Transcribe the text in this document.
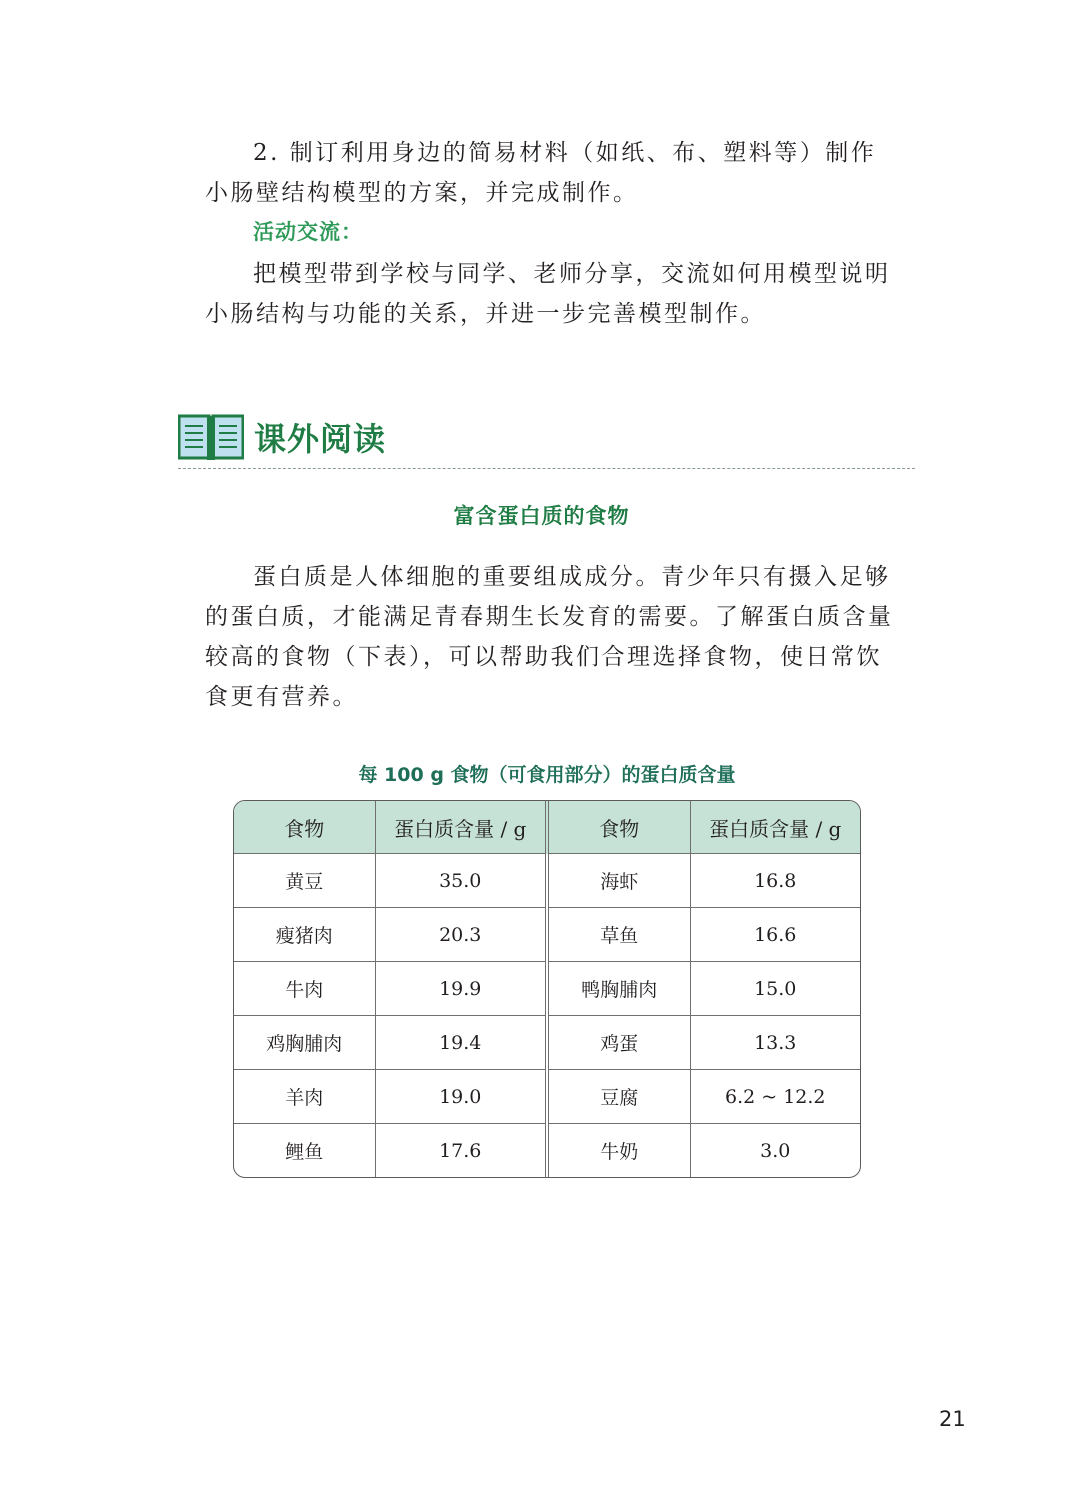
2. 制订利用身边的简易材料（如纸、布、塑料等）制作小肠壁结构模型的方案，并完成制作。

活动交流：

把模型带到学校与同学、老师分享，交流如何用模型说明小肠结构与功能的关系，并进一步完善模型制作。

课外阅读
富含蛋白质的食物

蛋白质是人体细胞的重要组成成分。青少年只有摄入足够的蛋白质，才能满足青春期生长发育的需要。了解蛋白质含量较高的食物（下表），可以帮助我们合理选择食物，使日常饮食更有营养。

每 100 g 食物（可食用部分）的蛋白质含量
食物	蛋白质含量 / g	食物	蛋白质含量 / g
黄豆	35.0	海虾	16.8
瘦猪肉	20.3	草鱼	16.6
牛肉	19.9	鸭胸脯肉	15.0
鸡胸脯肉	19.4	鸡蛋	13.3
羊肉	19.0	豆腐	6.2 ~ 12.2
鲤鱼	17.6	牛奶	3.0
21
